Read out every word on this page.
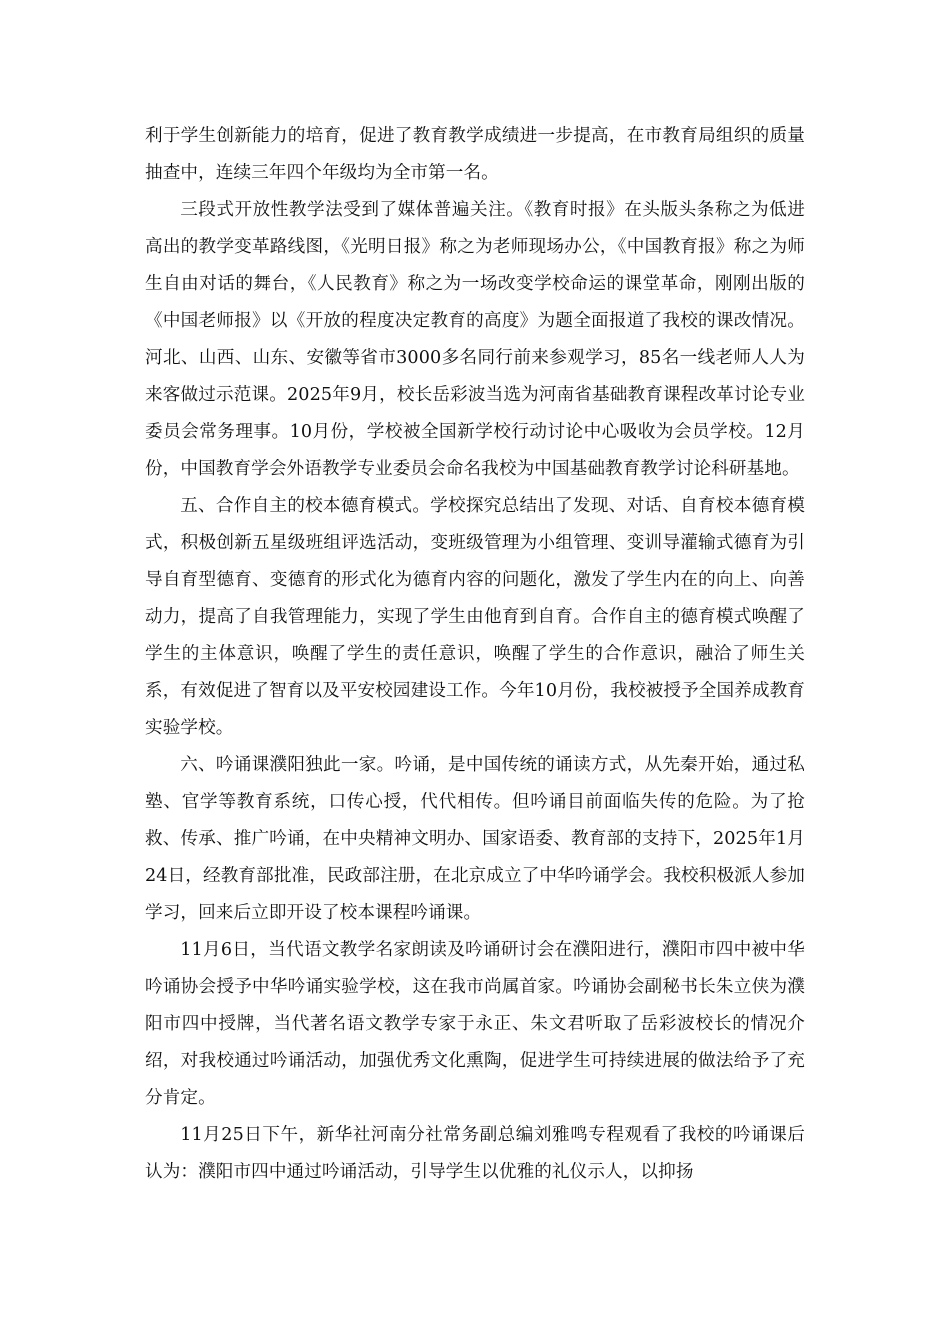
利于学生创新能力的培育，促进了教育教学成绩进一步提高，在市教育局组织的质量抽查中，连续三年四个年级均为全市第一名。

三段式开放性教学法受到了媒体普遍关注。《教育时报》在头版头条称之为低进高出的教学变革路线图，《光明日报》称之为老师现场办公，《中国教育报》称之为师生自由对话的舞台，《人民教育》称之为一场改变学校命运的课堂革命，刚刚出版的《中国老师报》以《开放的程度决定教育的高度》为题全面报道了我校的课改情况。河北、山西、山东、安徽等省市3000多名同行前来参观学习，85名一线老师人人为来客做过示范课。2025年9月，校长岳彩波当选为河南省基础教育课程改革讨论专业委员会常务理事。10月份，学校被全国新学校行动讨论中心吸收为会员学校。12月份，中国教育学会外语教学专业委员会命名我校为中国基础教育教学讨论科研基地。

五、合作自主的校本德育模式。学校探究总结出了发现、对话、自育校本德育模式，积极创新五星级班组评选活动，变班级管理为小组管理、变训导灌输式德育为引导自育型德育、变德育的形式化为德育内容的问题化，激发了学生内在的向上、向善动力，提高了自我管理能力，实现了学生由他育到自育。合作自主的德育模式唤醒了学生的主体意识，唤醒了学生的责任意识，唤醒了学生的合作意识，融洽了师生关系，有效促进了智育以及平安校园建设工作。今年10月份，我校被授予全国养成教育实验学校。

六、吟诵课濮阳独此一家。吟诵，是中国传统的诵读方式，从先秦开始，通过私塾、官学等教育系统，口传心授，代代相传。但吟诵目前面临失传的危险。为了抢救、传承、推广吟诵，在中央精神文明办、国家语委、教育部的支持下，2025年1月24日，经教育部批准，民政部注册，在北京成立了中华吟诵学会。我校积极派人参加学习，回来后立即开设了校本课程吟诵课。

11月6日，当代语文教学名家朗读及吟诵研讨会在濮阳进行，濮阳市四中被中华吟诵协会授予中华吟诵实验学校，这在我市尚属首家。吟诵协会副秘书长朱立侠为濮阳市四中授牌，当代著名语文教学专家于永正、朱文君听取了岳彩波校长的情况介绍，对我校通过吟诵活动，加强优秀文化熏陶，促进学生可持续进展的做法给予了充分肯定。

11月25日下午，新华社河南分社常务副总编刘雅鸣专程观看了我校的吟诵课后认为：濮阳市四中通过吟诵活动，引导学生以优雅的礼仪示人，以抑扬
